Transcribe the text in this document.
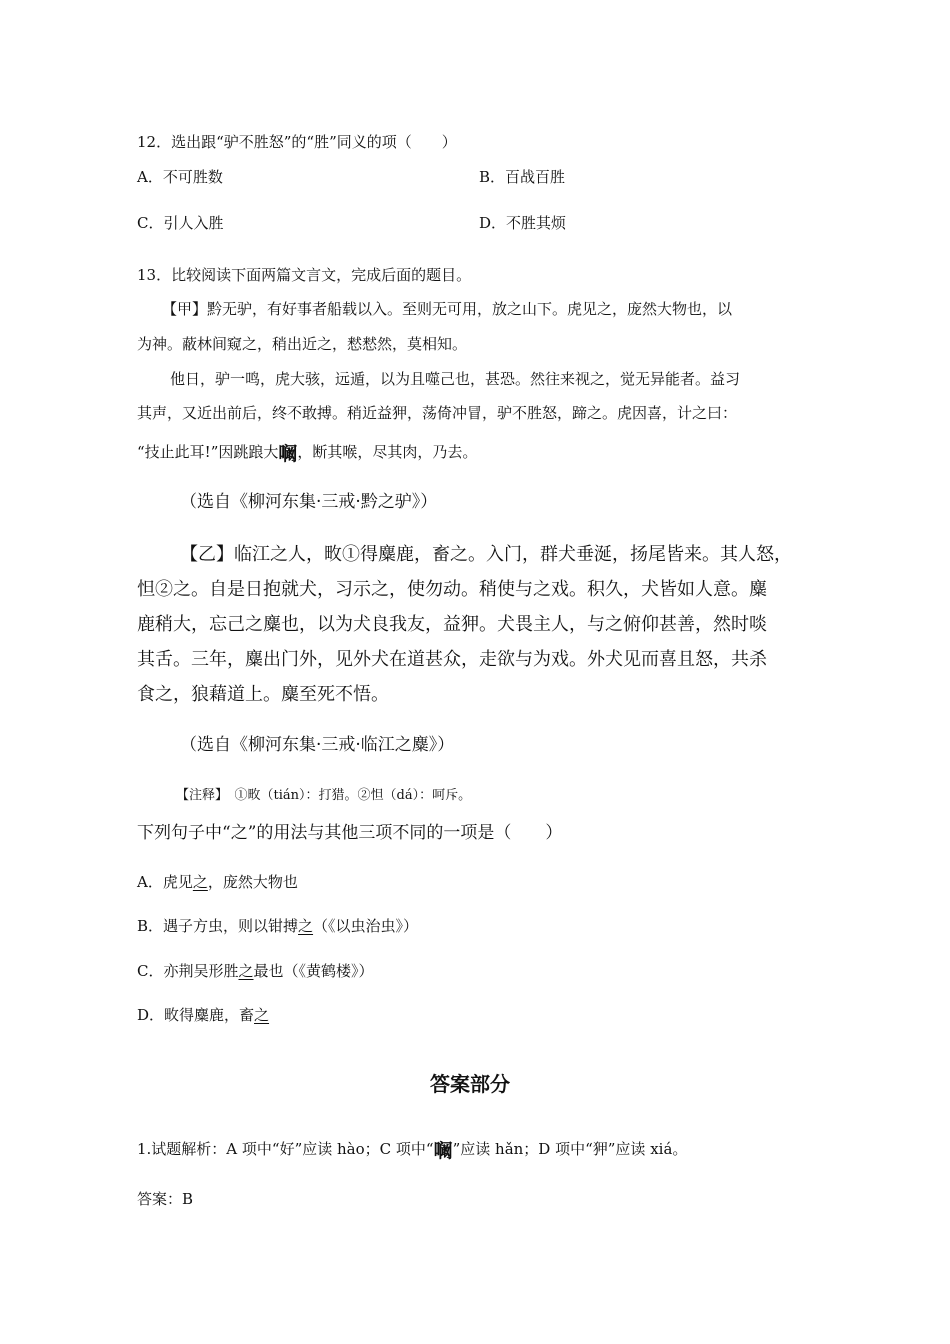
12．选出跟“驴不胜怒”的“胜”同义的项（　　）
A．不可胜数	B．百战百胜
C．引人入胜	D．不胜其烦
13．比较阅读下面两篇文言文，完成后面的题目。
【甲】黔无驴，有好事者船载以入。至则无可用，放之山下。虎见之，庞然大物也，以
为神。蔽林间窥之，稍出近之，慭慭然，莫相知。
他日，驴一鸣，虎大骇，远遁，以为且噬己也，甚恐。然往来视之，觉无异能者。益习
其声，又近出前后，终不敢搏。稍近益狎，荡倚冲冒，驴不胜怒，蹄之。虎因喜，计之曰：
“技止此耳!”因跳踉大㘎，断其喉，尽其肉，乃去。
（选自《柳河东集·三戒·黔之驴》）
【乙】临江之人，畋①得麋鹿，畜之。入门，群犬垂涎，扬尾皆来。其人怒，
怛②之。自是日抱就犬，习示之，使勿动。稍使与之戏。积久，犬皆如人意。麋
鹿稍大，忘己之麋也，以为犬良我友，益狎。犬畏主人，与之俯仰甚善，然时啖
其舌。三年，麋出门外，见外犬在道甚众，走欲与为戏。外犬见而喜且怒，共杀
食之，狼藉道上。麋至死不悟。
（选自《柳河东集·三戒·临江之麋》）
【注释】　①畋（tián）：打猎。②怛（dá）：呵斥。
下列句子中“之”的用法与其他三项不同的一项是（　　）
A．虎见之，庞然大物也
B．遇子方虫，则以钳搏之（《以虫治虫》）
C．亦荆吴形胜之最也（《黄鹤楼》）
D．畋得麋鹿，畜之
答案部分
1.试题解析：A 项中“好”应读 hào；C 项中“㘎”应读 hǎn；D 项中“狎”应读 xiá。
答案：B
